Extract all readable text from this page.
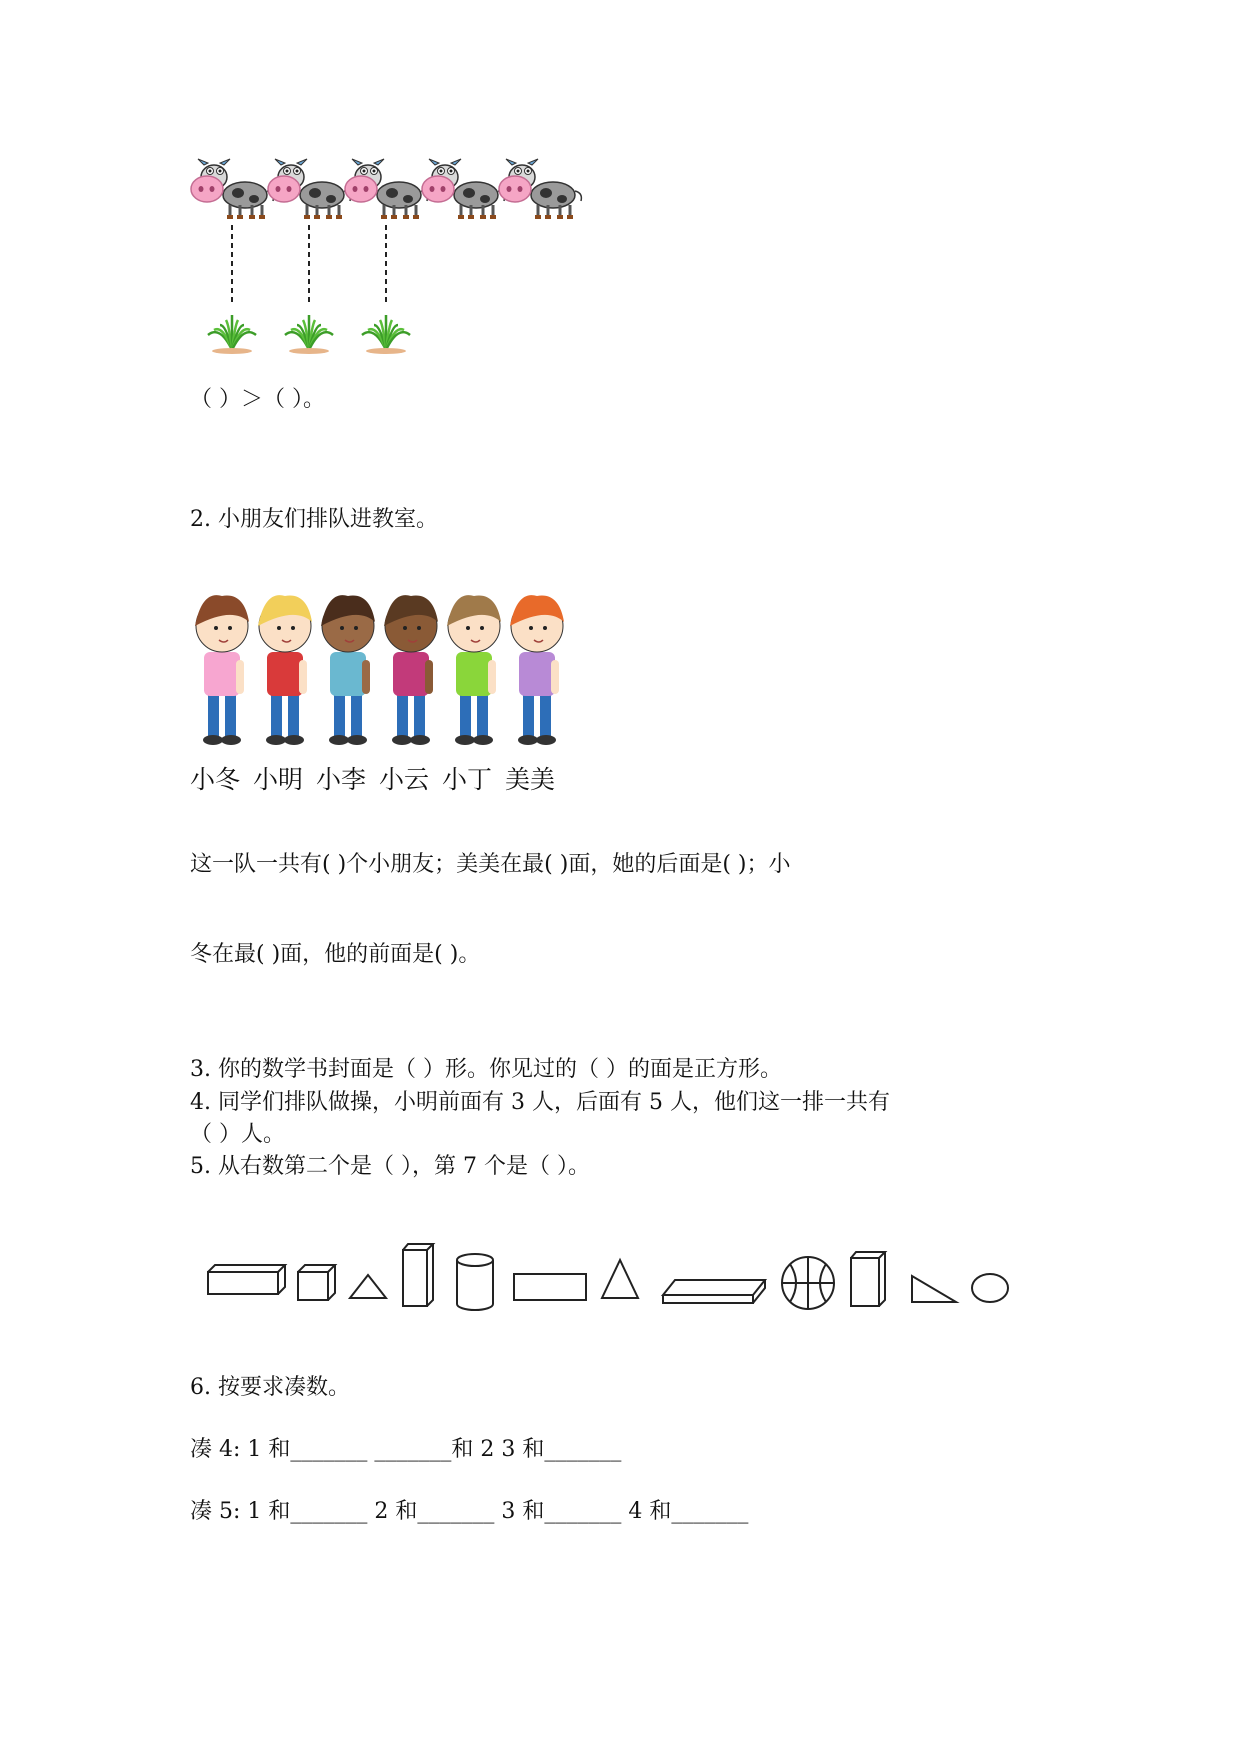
（ ）＞（ ）。
2. 小朋友们排队进教室。
小冬 小明 小李 小云 小丁 美美
这一队一共有( )个小朋友；美美在最( )面，她的后面是( )；小
冬在最( )面，他的前面是( )。
3. 你的数学书封面是（ ）形。你见过的（ ）的面是正方形。
4. 同学们排队做操，小明前面有 3 人，后面有 5 人，他们这一排一共有
（ ）人。
5. 从右数第二个是（ ），第 7 个是（ ）。
6. 按要求凑数。
凑 4: 1 和_______ _______和 2 3 和_______
凑 5: 1 和_______ 2 和_______ 3 和_______ 4 和_______
